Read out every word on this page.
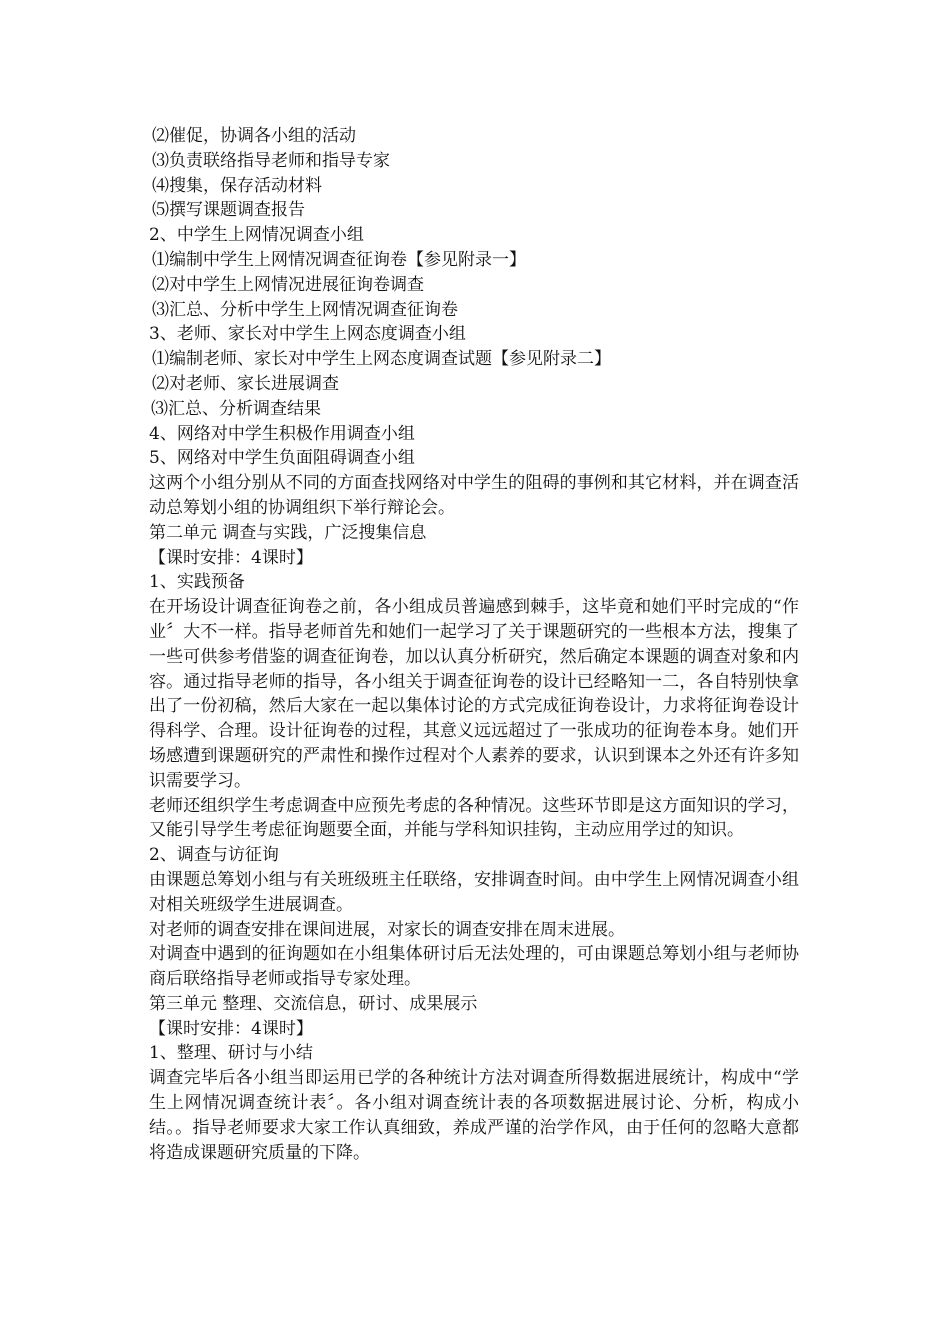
⑵催促，协调各小组的活动
⑶负责联络指导老师和指导专家
⑷搜集，保存活动材料
⑸撰写课题调查报告
2、中学生上网情况调查小组
⑴编制中学生上网情况调查征询卷【参见附录一】
⑵对中学生上网情况进展征询卷调查
⑶汇总、分析中学生上网情况调查征询卷
3、老师、家长对中学生上网态度调查小组
⑴编制老师、家长对中学生上网态度调查试题【参见附录二】
⑵对老师、家长进展调查
⑶汇总、分析调查结果
4、网络对中学生积极作用调查小组
5、网络对中学生负面阻碍调查小组
这两个小组分别从不同的方面查找网络对中学生的阻碍的事例和其它材料，并在调查活动总筹划小组的协调组织下举行辩论会。
第二单元 调查与实践，广泛搜集信息
【课时安排：4课时】
1、实践预备
在开场设计调查征询卷之前，各小组成员普遍感到棘手，这毕竟和她们平时完成的“作业〞大不一样。指导老师首先和她们一起学习了关于课题研究的一些根本方法，搜集了一些可供参考借鉴的调查征询卷，加以认真分析研究，然后确定本课题的调查对象和内容。通过指导老师的指导，各小组关于调查征询卷的设计已经略知一二，各自特别快拿出了一份初稿，然后大家在一起以集体讨论的方式完成征询卷设计，力求将征询卷设计得科学、合理。设计征询卷的过程，其意义远远超过了一张成功的征询卷本身。她们开场感遭到课题研究的严肃性和操作过程对个人素养的要求，认识到课本之外还有许多知识需要学习。
老师还组织学生考虑调查中应预先考虑的各种情况。这些环节即是这方面知识的学习，又能引导学生考虑征询题要全面，并能与学科知识挂钩，主动应用学过的知识。
2、调查与访征询
由课题总筹划小组与有关班级班主任联络，安排调查时间。由中学生上网情况调查小组对相关班级学生进展调查。
对老师的调查安排在课间进展，对家长的调查安排在周末进展。
对调查中遇到的征询题如在小组集体研讨后无法处理的，可由课题总筹划小组与老师协商后联络指导老师或指导专家处理。
第三单元 整理、交流信息，研讨、成果展示
【课时安排：4课时】
1、整理、研讨与小结
调查完毕后各小组当即运用已学的各种统计方法对调查所得数据进展统计，构成中“学生上网情况调查统计表〞。各小组对调查统计表的各项数据进展讨论、分析，构成小结。。指导老师要求大家工作认真细致，养成严谨的治学作风，由于任何的忽略大意都将造成课题研究质量的下降。
